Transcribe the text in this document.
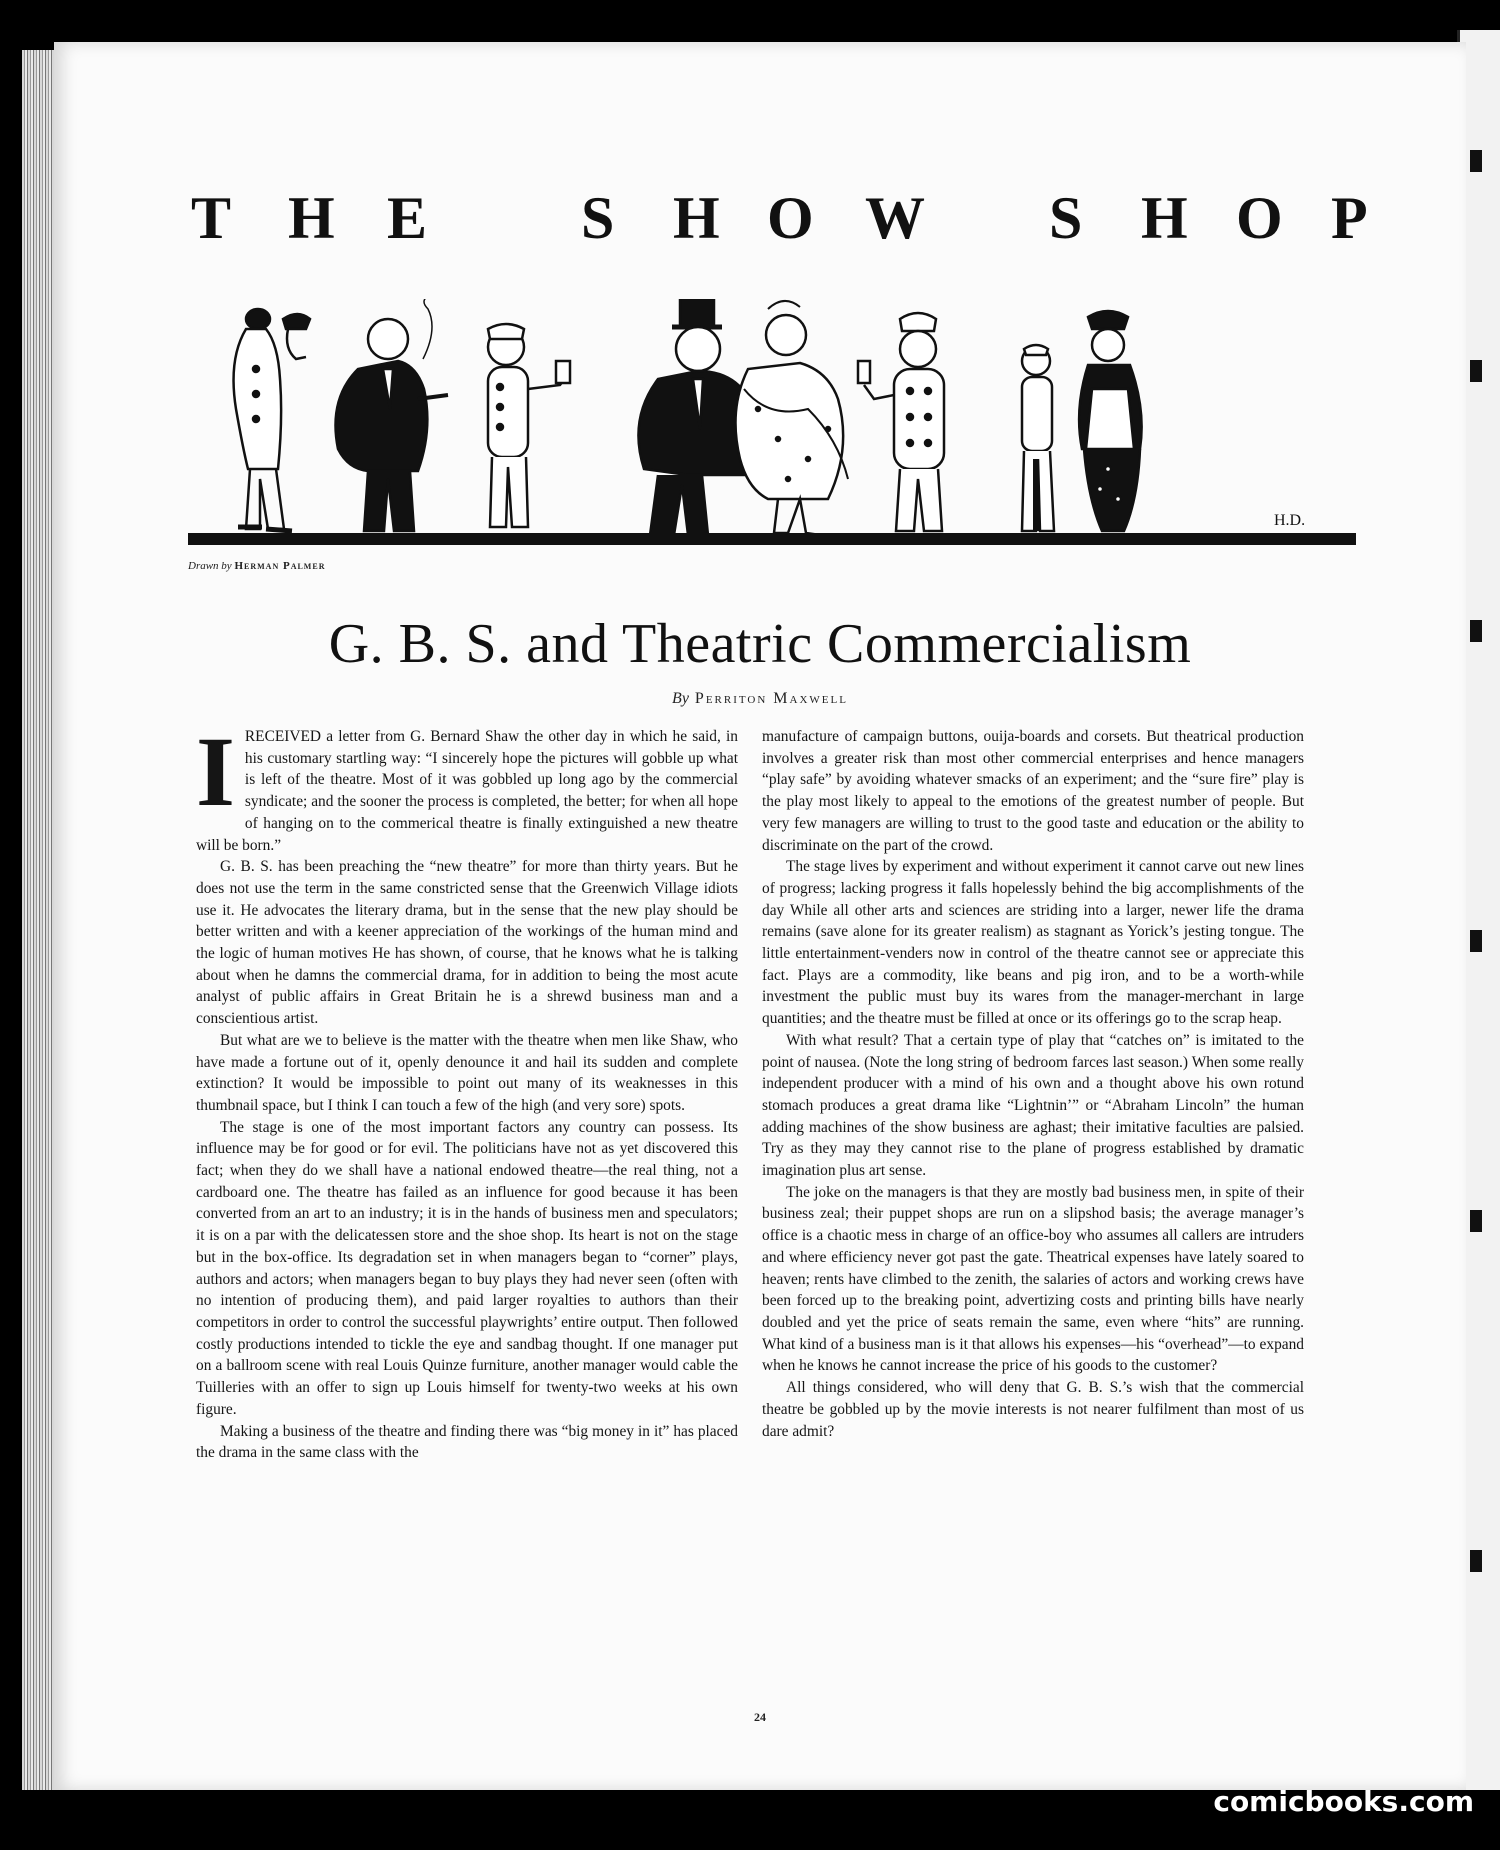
T H E	S H O W S H O P
H.D.
Drawn by Herman Palmer
G. B. S. and Theatric Commercialism
By Perriton Maxwell
I RECEIVED a letter from G. Bernard Shaw the other day in which he said, in his customary startling way: “I sincerely hope the pictures will gobble up what is left of the theatre. Most of it was gobbled up long ago by the commercial syndicate; and the sooner the process is completed, the better; for when all hope of hanging on to the commerical theatre is finally extinguished a new theatre will be born.”

G. B. S. has been preaching the “new theatre” for more than thirty years. But he does not use the term in the same constricted sense that the Greenwich Village idiots use it. He advocates the literary drama, but in the sense that the new play should be better written and with a keener appreciation of the workings of the human mind and the logic of human motives He has shown, of course, that he knows what he is talking about when he damns the commercial drama, for in addition to being the most acute analyst of public affairs in Great Britain he is a shrewd business man and a conscientious artist.

But what are we to believe is the matter with the theatre when men like Shaw, who have made a fortune out of it, openly denounce it and hail its sudden and complete extinction? It would be impossible to point out many of its weaknesses in this thumbnail space, but I think I can touch a few of the high (and very sore) spots.

The stage is one of the most important factors any country can possess. Its influence may be for good or for evil. The politicians have not as yet discovered this fact; when they do we shall have a national endowed theatre—the real thing, not a cardboard one. The theatre has failed as an influence for good because it has been converted from an art to an industry; it is in the hands of business men and speculators; it is on a par with the delicatessen store and the shoe shop. Its heart is not on the stage but in the box-office. Its degradation set in when managers began to “corner” plays, authors and actors; when managers began to buy plays they had never seen (often with no intention of producing them), and paid larger royalties to authors than their competitors in order to control the successful playwrights’ entire output. Then followed costly productions intended to tickle the eye and sandbag thought. If one manager put on a ballroom scene with real Louis Quinze furniture, another manager would cable the Tuilleries with an offer to sign up Louis himself for twenty-two weeks at his own figure.

Making a business of the theatre and finding there was “big money in it” has placed the drama in the same class with the

manufacture of campaign buttons, ouija-boards and corsets. But theatrical production involves a greater risk than most other commercial enterprises and hence managers “play safe” by avoiding whatever smacks of an experiment; and the “sure fire” play is the play most likely to appeal to the emotions of the greatest number of people. But very few managers are willing to trust to the good taste and education or the ability to discriminate on the part of the crowd.

The stage lives by experiment and without experiment it cannot carve out new lines of progress; lacking progress it falls hopelessly behind the big accomplishments of the day While all other arts and sciences are striding into a larger, newer life the drama remains (save alone for its greater realism) as stagnant as Yorick’s jesting tongue. The little entertainment-venders now in control of the theatre cannot see or appreciate this fact. Plays are a commodity, like beans and pig iron, and to be a worth-while investment the public must buy its wares from the manager-merchant in large quantities; and the theatre must be filled at once or its offerings go to the scrap heap.

With what result? That a certain type of play that “catches on” is imitated to the point of nausea. (Note the long string of bedroom farces last season.) When some really independent producer with a mind of his own and a thought above his own rotund stomach produces a great drama like “Lightnin’” or “Abraham Lincoln” the human adding machines of the show business are aghast; their imitative faculties are palsied. Try as they may they cannot rise to the plane of progress established by dramatic imagination plus art sense.

The joke on the managers is that they are mostly bad business men, in spite of their business zeal; their puppet shops are run on a slipshod basis; the average manager’s office is a chaotic mess in charge of an office-boy who assumes all callers are intruders and where efficiency never got past the gate. Theatrical expenses have lately soared to heaven; rents have climbed to the zenith, the salaries of actors and working crews have been forced up to the breaking point, advertizing costs and printing bills have nearly doubled and yet the price of seats remain the same, even where “hits” are running. What kind of a business man is it that allows his expenses—his “overhead”—to expand when he knows he cannot increase the price of his goods to the customer?

All things considered, who will deny that G. B. S.’s wish that the commercial theatre be gobbled up by the movie interests is not nearer fulfilment than most of us dare admit?

24
comicbooks.com
